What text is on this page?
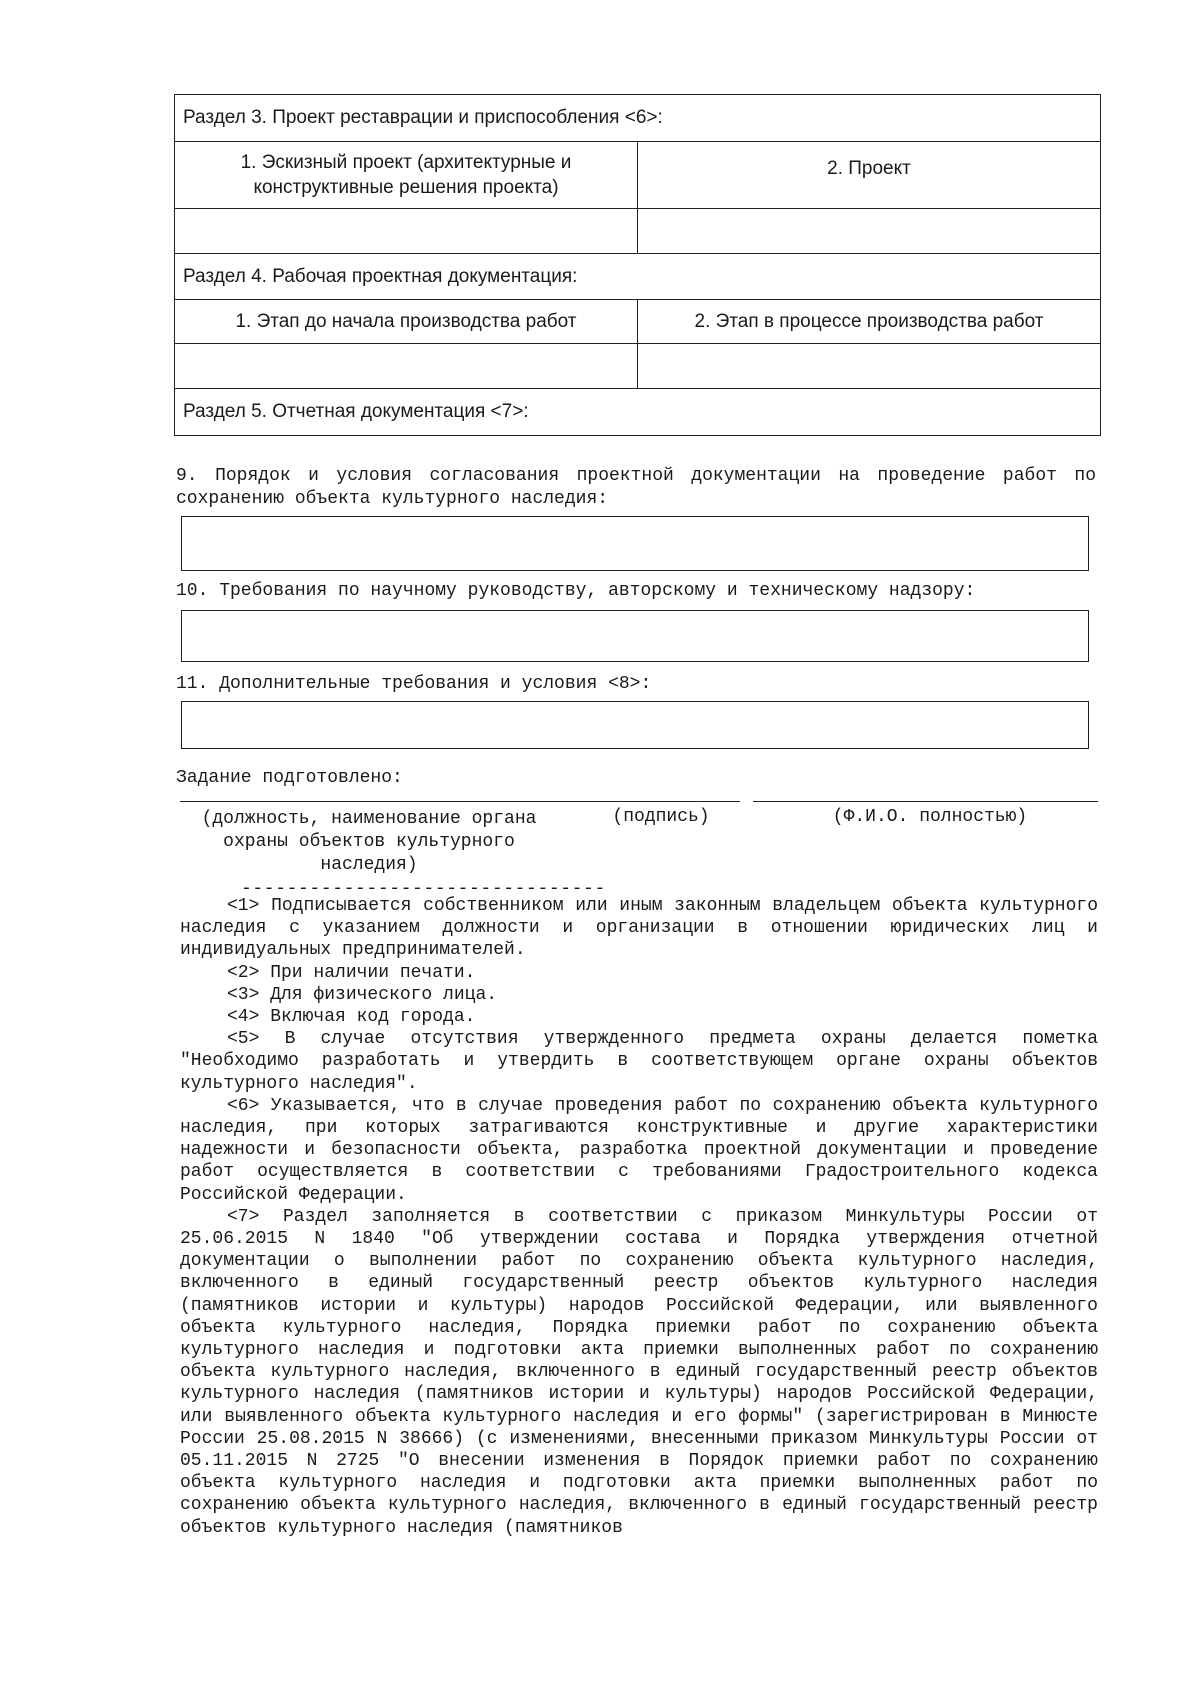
Раздел 3. Проект реставрации и приспособления <6>:	
1. Эскизный проект (архитектурные и конструктивные решения проекта)	2. Проект

Раздел 4. Рабочая проектная документация:	
1. Этап до начала производства работ	2. Этап в процессе производства работ

Раздел 5. Отчетная документация <7>:	
9. Порядок и условия согласования проектной документации на проведение работ по сохранению объекта культурного наследия:
10. Требования по научному руководству, авторскому и техническому надзору:
11. Дополнительные требования и условия <8>:
Задание подготовлено:
(должность, наименование органа
охраны объектов культурного
наследия)
(подпись)	(Ф.И.О. полностью)
--------------------------------

<1> Подписывается собственником или иным законным владельцем объекта культурного наследия с указанием должности и организации в отношении юридических лиц и индивидуальных предпринимателей.

<2> При наличии печати.

<3> Для физического лица.

<4> Включая код города.

<5> В случае отсутствия утвержденного предмета охраны делается пометка "Необходимо разработать и утвердить в соответствующем органе охраны объектов культурного наследия".

<6> Указывается, что в случае проведения работ по сохранению объекта культурного наследия, при которых затрагиваются конструктивные и другие характеристики надежности и безопасности объекта, разработка проектной документации и проведение работ осуществляется в соответствии с требованиями Градостроительного кодекса Российской Федерации.

<7> Раздел заполняется в соответствии с приказом Минкультуры России от 25.06.2015 N 1840 "Об утверждении состава и Порядка утверждения отчетной документации о выполнении работ по сохранению объекта культурного наследия, включенного в единый государственный реестр объектов культурного наследия (памятников истории и культуры) народов Российской Федерации, или выявленного объекта культурного наследия, Порядка приемки работ по сохранению объекта культурного наследия и подготовки акта приемки выполненных работ по сохранению объекта культурного наследия, включенного в единый государственный реестр объектов культурного наследия (памятников истории и культуры) народов Российской Федерации, или выявленного объекта культурного наследия и его формы" (зарегистрирован в Минюсте России 25.08.2015 N 38666) (с изменениями, внесенными приказом Минкультуры России от 05.11.2015 N 2725 "О внесении изменения в Порядок приемки работ по сохранению объекта культурного наследия и подготовки акта приемки выполненных работ по сохранению объекта культурного наследия, включенного в единый государственный реестр объектов культурного наследия (памятников
